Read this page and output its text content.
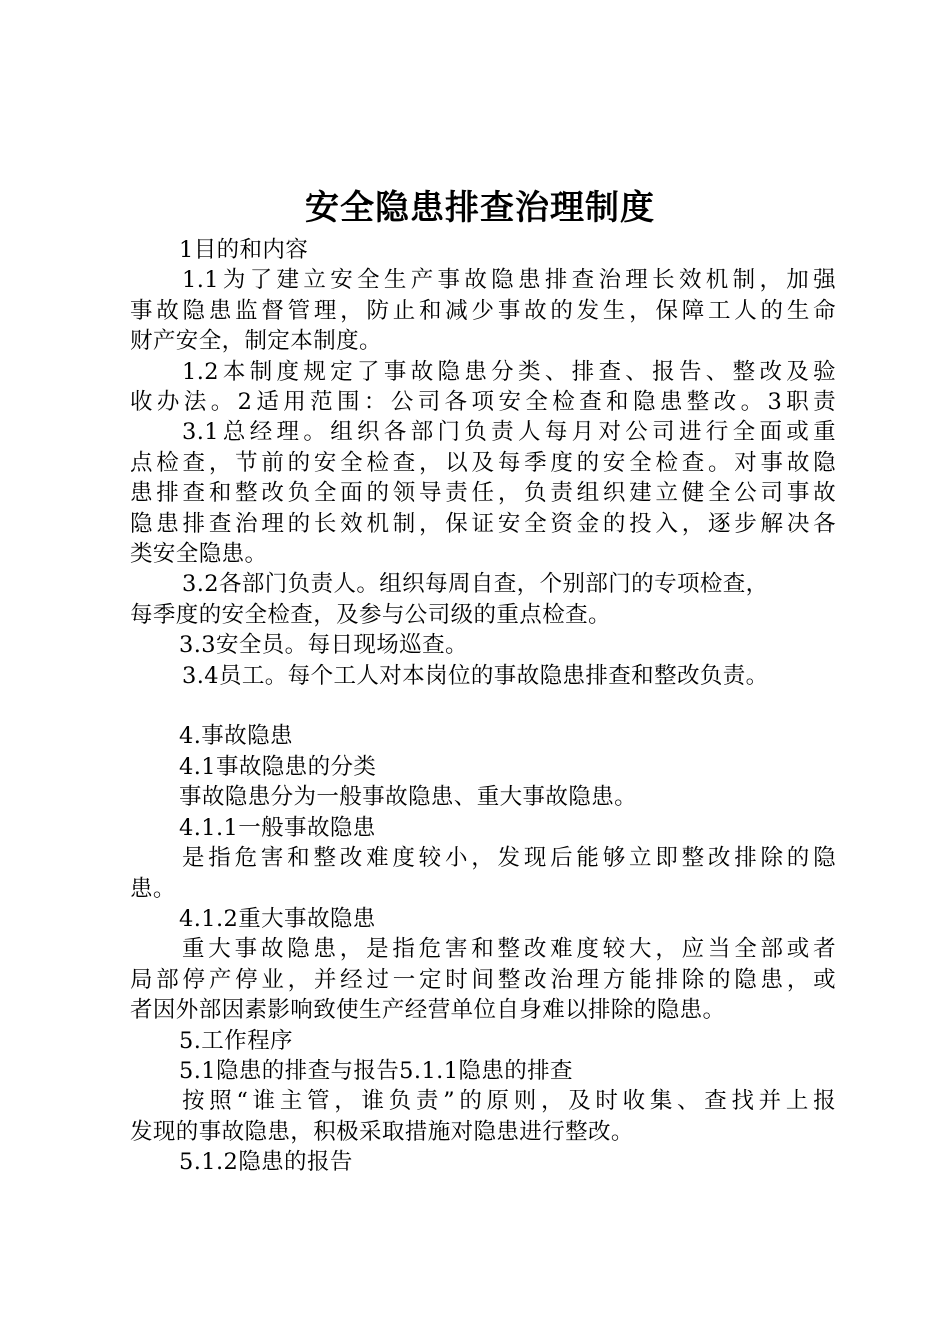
安全隐患排查治理制度

1目的和内容

1.1为了建立安全生产事故隐患排查治理长效机制，加强

事故隐患监督管理，防止和减少事故的发生，保障工人的生命

财产安全，制定本制度。

1.2本制度规定了事故隐患分类、排查、报告、整改及验

收办法。2适用范围：公司各项安全检查和隐患整改。3职责

3.1总经理。组织各部门负责人每月对公司进行全面或重

点检查，节前的安全检查，以及每季度的安全检查。对事故隐

患排查和整改负全面的领导责任，负责组织建立健全公司事故

隐患排查治理的长效机制，保证安全资金的投入，逐步解决各

类安全隐患。

3.2各部门负责人。组织每周自查，个别部门的专项检查，

每季度的安全检查，及参与公司级的重点检查。

3.3安全员。每日现场巡查。

3.4员工。每个工人对本岗位的事故隐患排查和整改负责。

4.事故隐患

4.1事故隐患的分类

事故隐患分为一般事故隐患、重大事故隐患。

4.1.1一般事故隐患

是指危害和整改难度较小，发现后能够立即整改排除的隐

患。

4.1.2重大事故隐患

重大事故隐患，是指危害和整改难度较大，应当全部或者

局部停产停业，并经过一定时间整改治理方能排除的隐患，或

者因外部因素影响致使生产经营单位自身难以排除的隐患。

5.工作程序

5.1隐患的排查与报告5.1.1隐患的排查

按照“谁主管，谁负责”的原则，及时收集、查找并上报

发现的事故隐患，积极采取措施对隐患进行整改。

5.1.2隐患的报告
